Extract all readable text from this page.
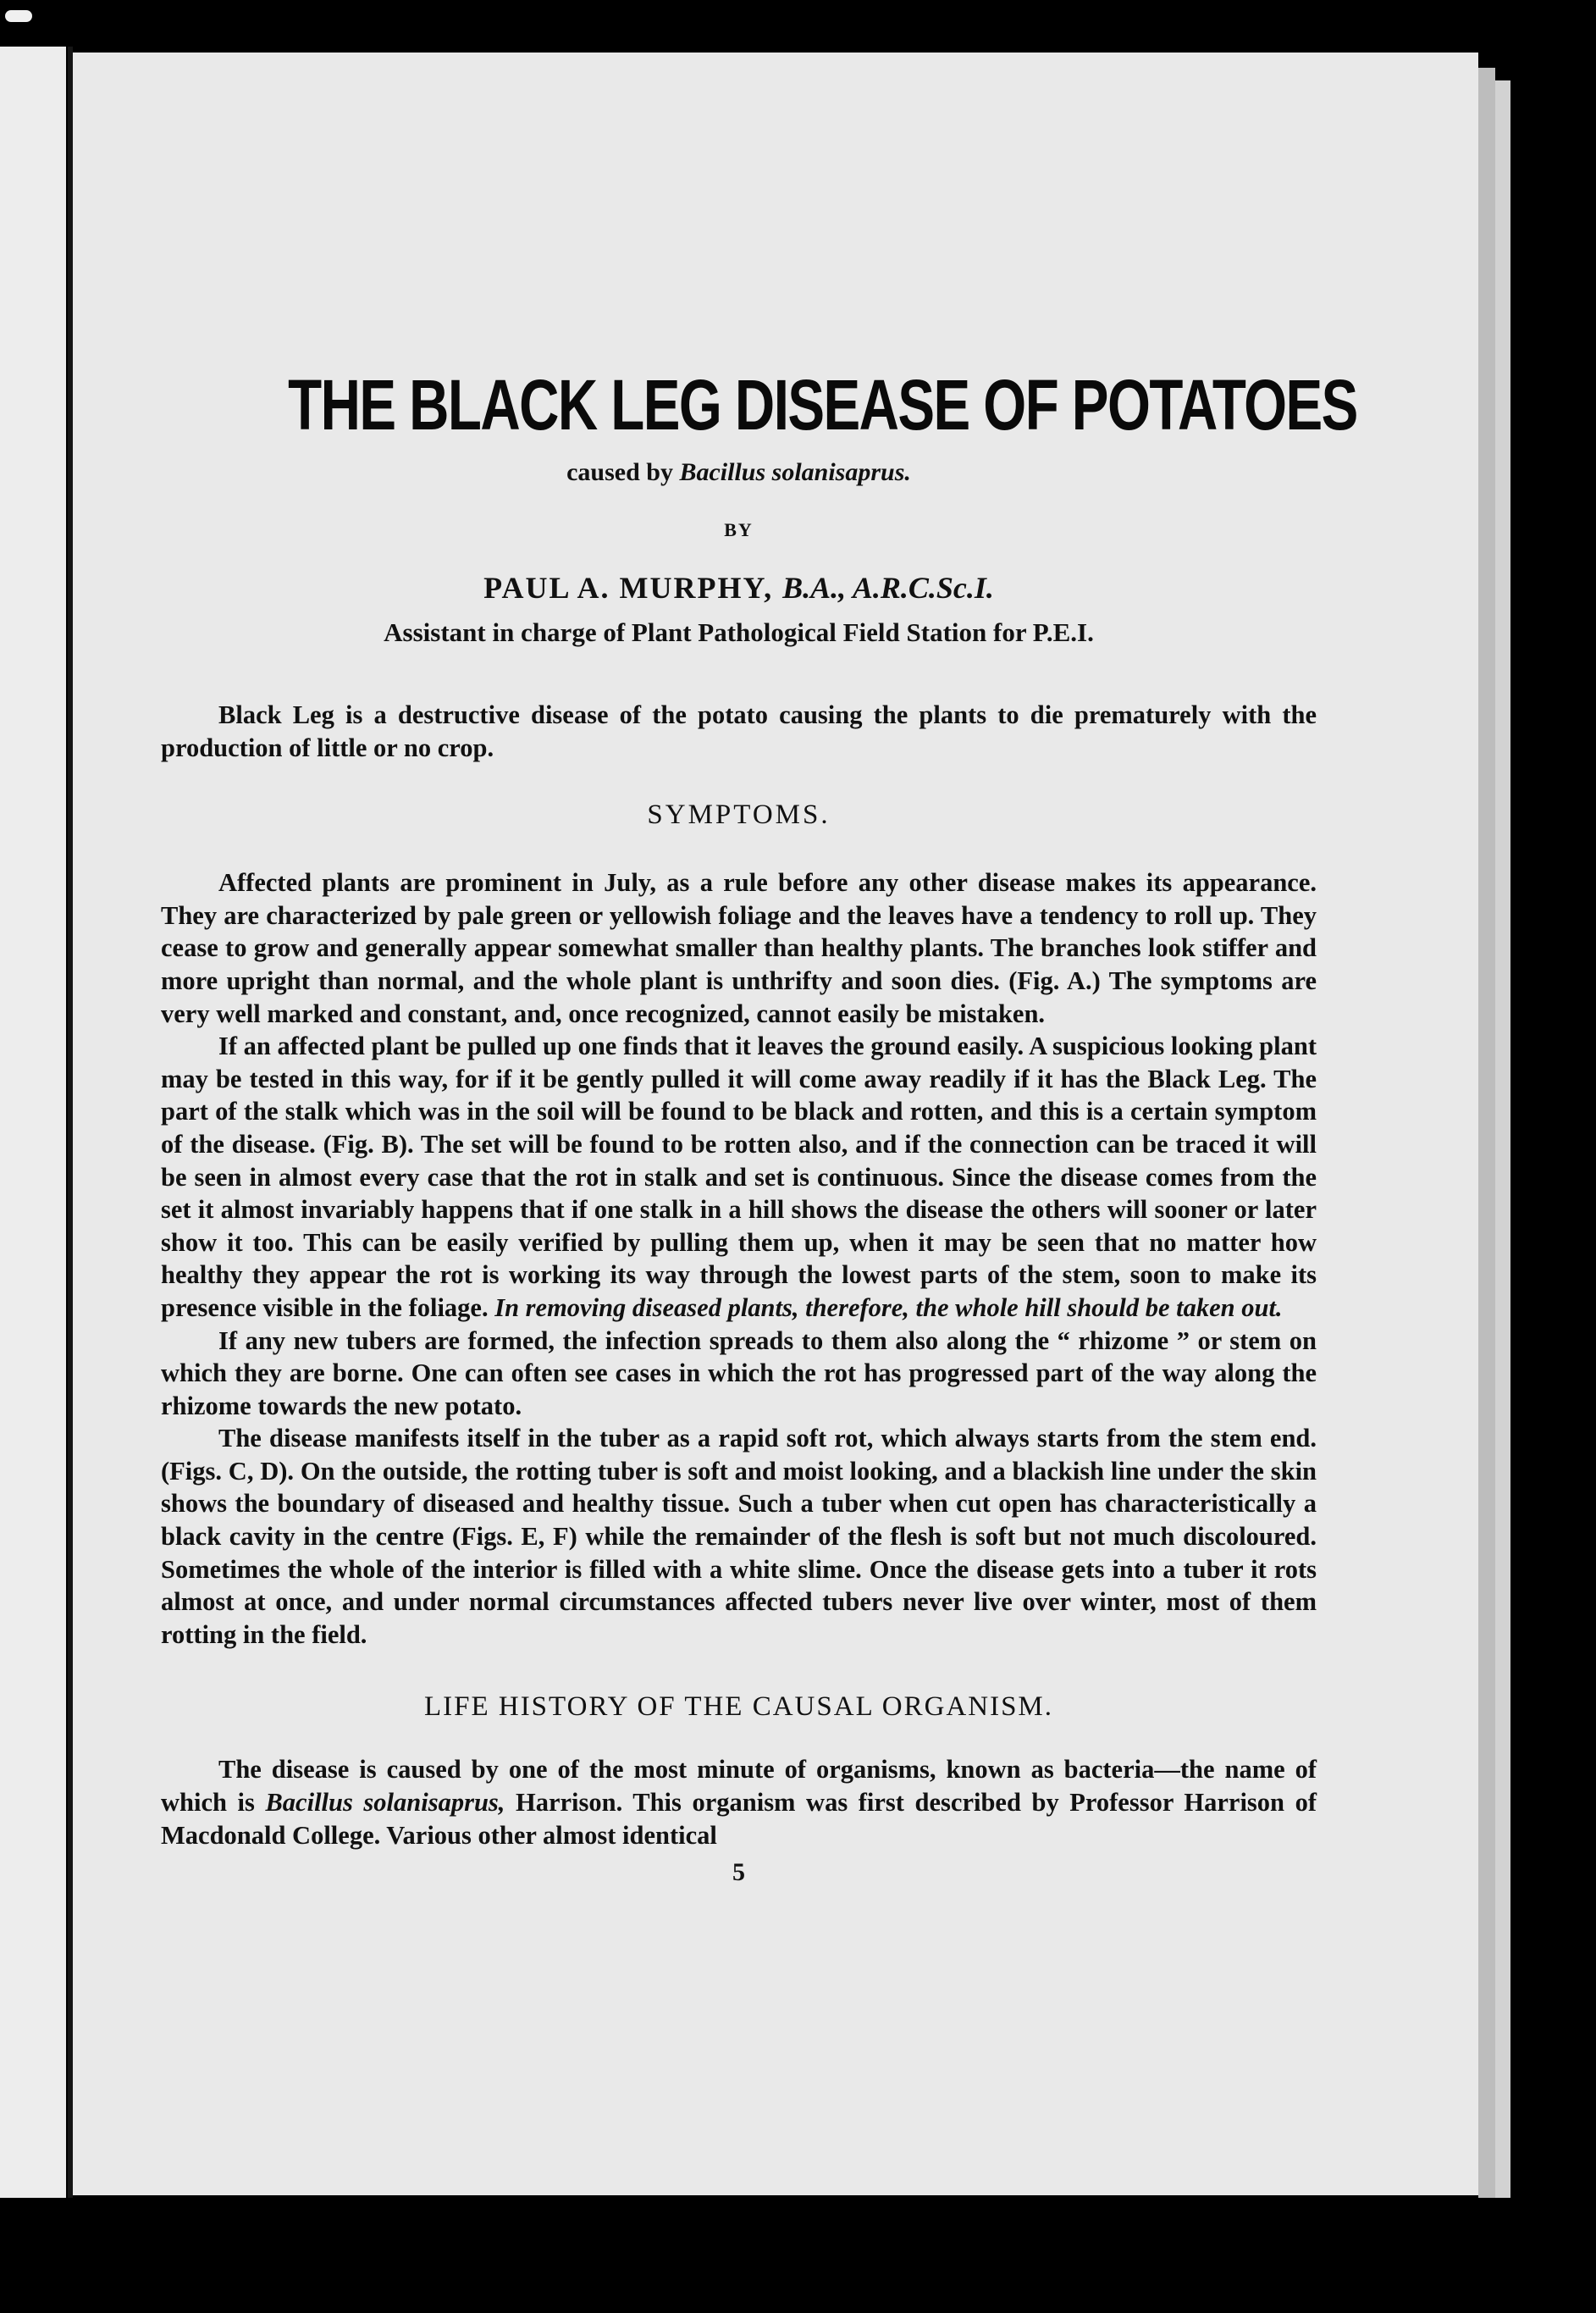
THE BLACK LEG DISEASE OF POTATOES
caused by Bacillus solanisaprus.
BY
PAUL A. MURPHY, B.A., A.R.C.Sc.I.
Assistant in charge of Plant Pathological Field Station for P.E.I.

Black Leg is a destructive disease of the potato causing the plants to die prematurely with the production of little or no crop.

SYMPTOMS.

Affected plants are prominent in July, as a rule before any other disease makes its appearance. They are characterized by pale green or yellowish foliage and the leaves have a tendency to roll up. They cease to grow and generally appear somewhat smaller than healthy plants. The branches look stiffer and more upright than normal, and the whole plant is unthrifty and soon dies. (Fig. A.) The symptoms are very well marked and constant, and, once recognized, cannot easily be mistaken.

If an affected plant be pulled up one finds that it leaves the ground easily. A suspicious looking plant may be tested in this way, for if it be gently pulled it will come away readily if it has the Black Leg. The part of the stalk which was in the soil will be found to be black and rotten, and this is a certain symptom of the disease. (Fig. B). The set will be found to be rotten also, and if the connection can be traced it will be seen in almost every case that the rot in stalk and set is continuous. Since the disease comes from the set it almost invariably happens that if one stalk in a hill shows the disease the others will sooner or later show it too. This can be easily verified by pulling them up, when it may be seen that no matter how healthy they appear the rot is working its way through the lowest parts of the stem, soon to make its presence visible in the foliage. In removing diseased plants, therefore, the whole hill should be taken out.

If any new tubers are formed, the infection spreads to them also along the “ rhizome ” or stem on which they are borne. One can often see cases in which the rot has progressed part of the way along the rhizome towards the new potato.

The disease manifests itself in the tuber as a rapid soft rot, which always starts from the stem end. (Figs. C, D). On the outside, the rotting tuber is soft and moist looking, and a blackish line under the skin shows the boundary of diseased and healthy tissue. Such a tuber when cut open has characteristically a black cavity in the centre (Figs. E, F) while the remainder of the flesh is soft but not much discoloured. Sometimes the whole of the interior is filled with a white slime. Once the disease gets into a tuber it rots almost at once, and under normal circumstances affected tubers never live over winter, most of them rotting in the field.

LIFE HISTORY OF THE CAUSAL ORGANISM.

The disease is caused by one of the most minute of organisms, known as bacteria—the name of which is Bacillus solanisaprus, Harrison. This organism was first described by Professor Harrison of Macdonald College. Various other almost identical

5
